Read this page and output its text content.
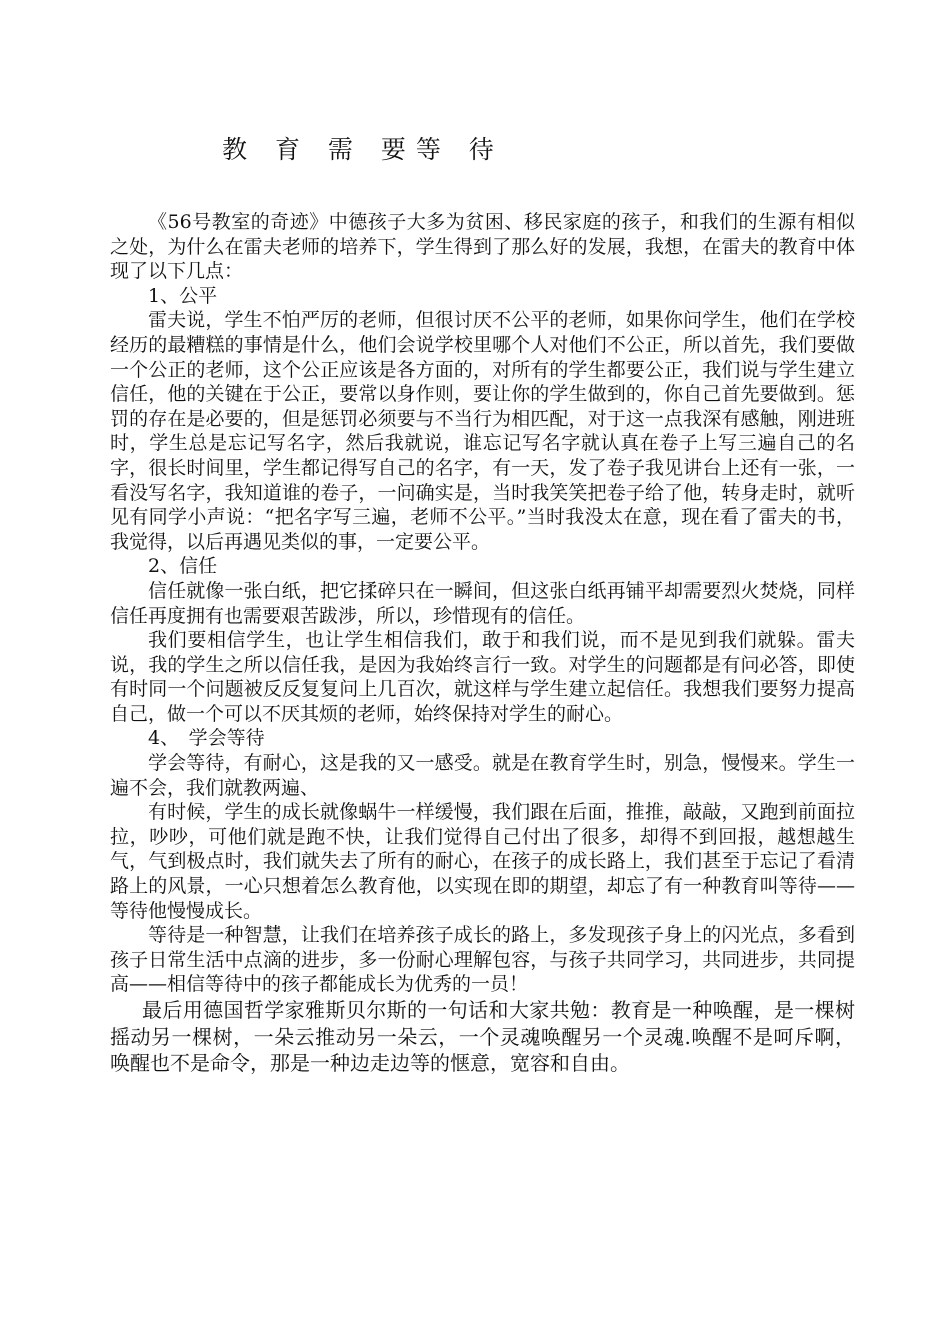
教 育 需 要等 待

《56号教室的奇迹》中德孩子大多为贫困、移民家庭的孩子，和我们的生源有相似之处，为什么在雷夫老师的培养下，学生得到了那么好的发展，我想，在雷夫的教育中体现了以下几点：

1、公平

雷夫说，学生不怕严厉的老师，但很讨厌不公平的老师，如果你问学生，他们在学校经历的最糟糕的事情是什么，他们会说学校里哪个人对他们不公正，所以首先，我们要做一个公正的老师，这个公正应该是各方面的，对所有的学生都要公正，我们说与学生建立信任，他的关键在于公正，要常以身作则，要让你的学生做到的，你自己首先要做到。惩罚的存在是必要的，但是惩罚必须要与不当行为相匹配，对于这一点我深有感触，刚进班时，学生总是忘记写名字，然后我就说，谁忘记写名字就认真在卷子上写三遍自己的名字，很长时间里，学生都记得写自己的名字，有一天，发了卷子我见讲台上还有一张，一看没写名字，我知道谁的卷子，一问确实是，当时我笑笑把卷子给了他，转身走时，就听见有同学小声说：“把名字写三遍，老师不公平。”当时我没太在意，现在看了雷夫的书，我觉得，以后再遇见类似的事，一定要公平。

2、信任

信任就像一张白纸，把它揉碎只在一瞬间，但这张白纸再铺平却需要烈火焚烧，同样信任再度拥有也需要艰苦跋涉，所以，珍惜现有的信任。

我们要相信学生，也让学生相信我们，敢于和我们说，而不是见到我们就躲。雷夫说，我的学生之所以信任我，是因为我始终言行一致。对学生的问题都是有问必答，即使有时同一个问题被反反复复问上几百次，就这样与学生建立起信任。我想我们要努力提高自己，做一个可以不厌其烦的老师，始终保持对学生的耐心。

4、　学会等待

学会等待，有耐心，这是我的又一感受。就是在教育学生时，别急，慢慢来。学生一遍不会，我们就教两遍、

有时候，学生的成长就像蜗牛一样缓慢，我们跟在后面，推推，敲敲，又跑到前面拉拉，吵吵，可他们就是跑不快，让我们觉得自己付出了很多，却得不到回报，越想越生气，气到极点时，我们就失去了所有的耐心，在孩子的成长路上，我们甚至于忘记了看清路上的风景，一心只想着怎么教育他，以实现在即的期望，却忘了有一种教育叫等待——等待他慢慢成长。

等待是一种智慧，让我们在培养孩子成长的路上，多发现孩子身上的闪光点，多看到孩子日常生活中点滴的进步，多一份耐心理解包容，与孩子共同学习，共同进步，共同提高——相信等待中的孩子都能成长为优秀的一员！

最后用德国哲学家雅斯贝尔斯的一句话和大家共勉：教育是一种唤醒，是一棵树摇动另一棵树，一朵云推动另一朵云，一个灵魂唤醒另一个灵魂.唤醒不是呵斥啊，唤醒也不是命令，那是一种边走边等的惬意，宽容和自由。
